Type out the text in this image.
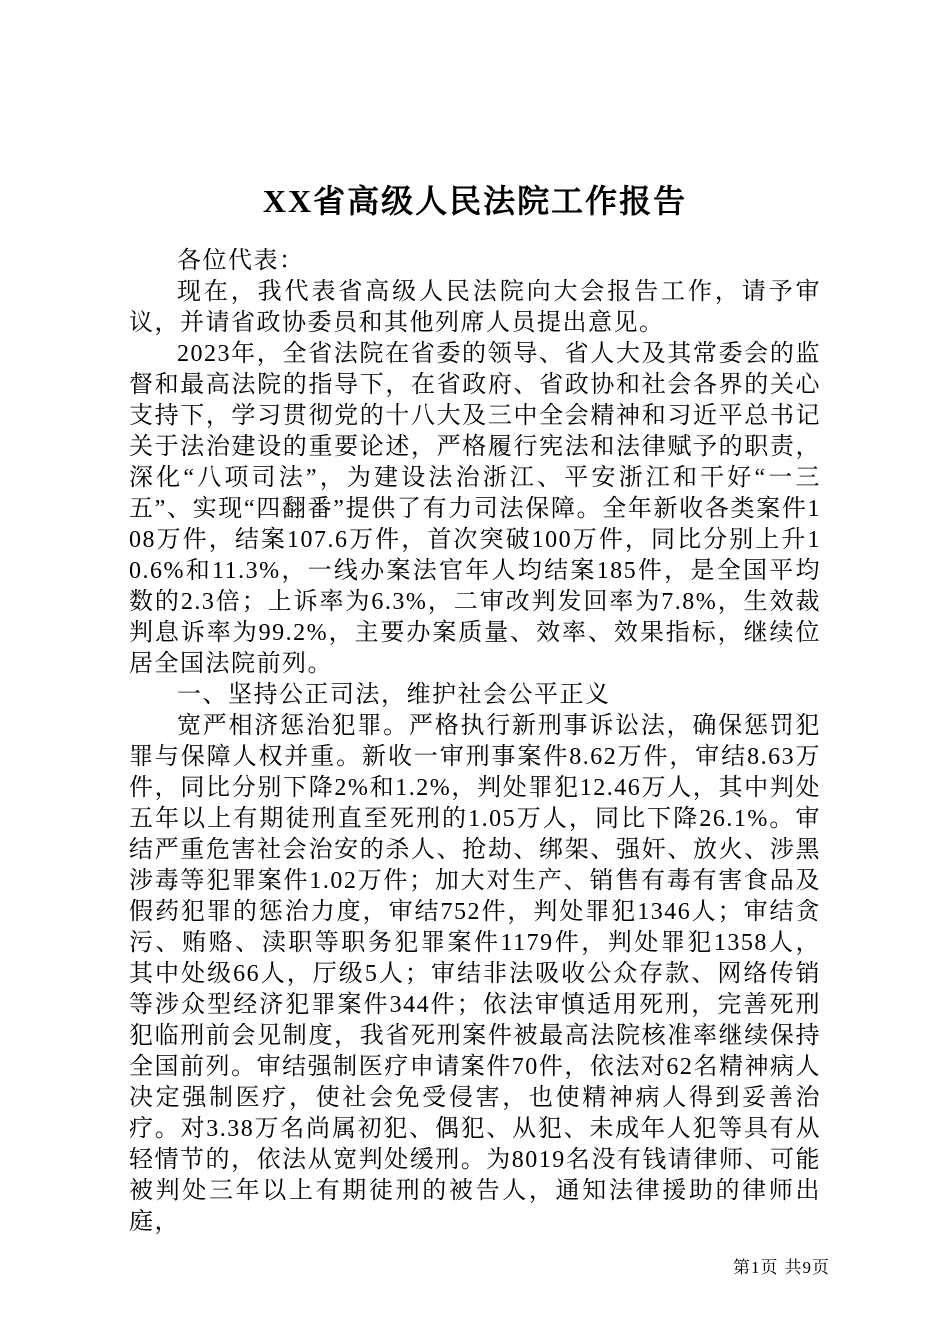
XX省高级人民法院工作报告

各位代表：

现在，我代表省高级人民法院向大会报告工作，请予审议，并请省政协委员和其他列席人员提出意见。

2023年，全省法院在省委的领导、省人大及其常委会的监督和最高法院的指导下，在省政府、省政协和社会各界的关心支持下，学习贯彻党的十八大及三中全会精神和习近平总书记关于法治建设的重要论述，严格履行宪法和法律赋予的职责，深化“八项司法”，为建设法治浙江、平安浙江和干好“一三五”、实现“四翻番”提供了有力司法保障。全年新收各类案件108万件，结案107.6万件，首次突破100万件，同比分别上升10.6%和11.3%，一线办案法官年人均结案185件，是全国平均数的2.3倍；上诉率为6.3%，二审改判发回率为7.8%，生效裁判息诉率为99.2%，主要办案质量、效率、效果指标，继续位居全国法院前列。

一、坚持公正司法，维护社会公平正义

宽严相济惩治犯罪。严格执行新刑事诉讼法，确保惩罚犯罪与保障人权并重。新收一审刑事案件8.62万件，审结8.63万件，同比分别下降2%和1.2%，判处罪犯12.46万人，其中判处五年以上有期徒刑直至死刑的1.05万人，同比下降26.1%。审结严重危害社会治安的杀人、抢劫、绑架、强奸、放火、涉黑涉毒等犯罪案件1.02万件；加大对生产、销售有毒有害食品及假药犯罪的惩治力度，审结752件，判处罪犯1346人；审结贪污、贿赂、渎职等职务犯罪案件1179件，判处罪犯1358人，其中处级66人，厅级5人；审结非法吸收公众存款、网络传销等涉众型经济犯罪案件344件；依法审慎适用死刑，完善死刑犯临刑前会见制度，我省死刑案件被最高法院核准率继续保持全国前列。审结强制医疗申请案件70件，依法对62名精神病人决定强制医疗，使社会免受侵害，也使精神病人得到妥善治疗。对3.38万名尚属初犯、偶犯、从犯、未成年人犯等具有从轻情节的，依法从宽判处缓刑。为8019名没有钱请律师、可能被判处三年以上有期徒刑的被告人，通知法律援助的律师出庭，

第1页 共9页
